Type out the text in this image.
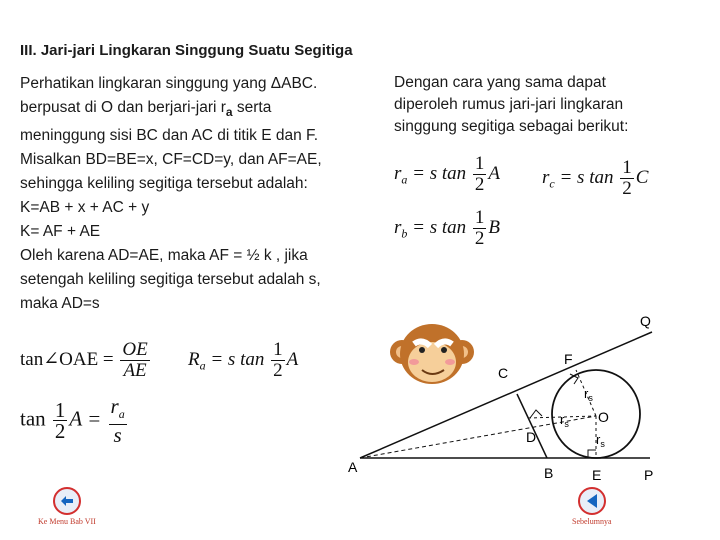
III. Jari-jari Lingkaran Singgung Suatu Segitiga
Perhatikan lingkaran singgung yang ΔABC.
berpusat di O dan berjari-jari $r_a$ serta
meninggung sisi BC dan AC di titik E dan F.
Misalkan BD=BE=x, CF=CD=y, dan AF=AE,
sehingga keliling segitiga tersebut adalah:
K=AB + x + AC + y
K= AF + AE
Oleh karena AD=AE, maka AF = ½ k , jika
setengah keliling segitiga tersebut adalah s,
maka AD=s
Dengan cara yang sama dapat
diperoleh rumus jari-jari lingkaran
singgung segitiga sebagai berikut:
$r_a = s$ $\tan \frac{1}{2}$ A $r_c = s$ $\tan \frac{1}{2}$ C
$r_b = s$ $\tan \frac{1}{2}$ B
tan∠OAE = $\frac{OE}{AE} R_a = s$ $\tan \frac{1}{2}$ A
$\tan \frac{1}{2}$ $A = \frac{r_a}{s}$
Q
F
C
O
D
A	B	E	P
$r_s$
$r_s$
$r_s$
Ke Menu Bab VII	Sebelumnya
